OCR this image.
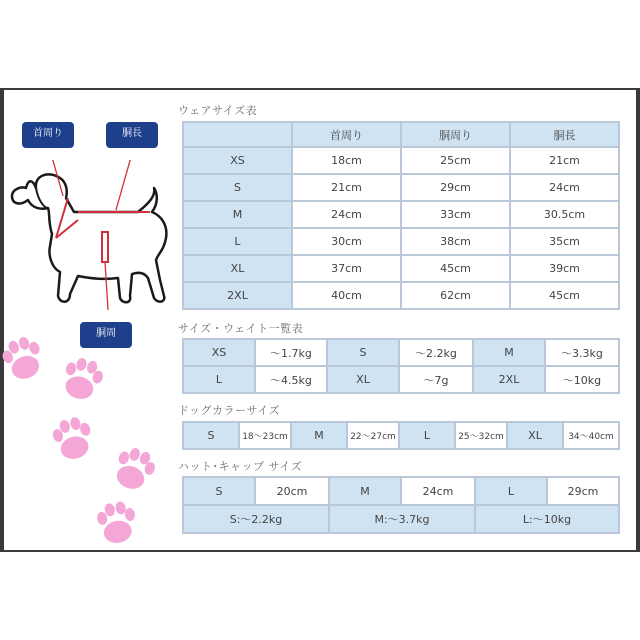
首周り	胴長
胴周
ウェアサイズ表
	首周り	胴周り	胴長
XS	18cm	25cm	21cm
S	21cm	29cm	24cm
M	24cm	33cm	30.5cm
L	30cm	38cm	35cm
XL	37cm	45cm	39cm
2XL	40cm	62cm	45cm
サイズ・ウェイト一覧表
XS	～1.7kg	S	～2.2kg	M	～3.3kg
L	～4.5kg	XL	～7g	2XL	～10kg
ドッグカラーサイズ
S	18～23cm	M	22～27cm	L	25～32cm	XL	34～40cm
ハット･キャップ サイズ
S	20cm	M	24cm	L	29cm
S:～2.2kg		M:～3.7kg		L:～10kg	
